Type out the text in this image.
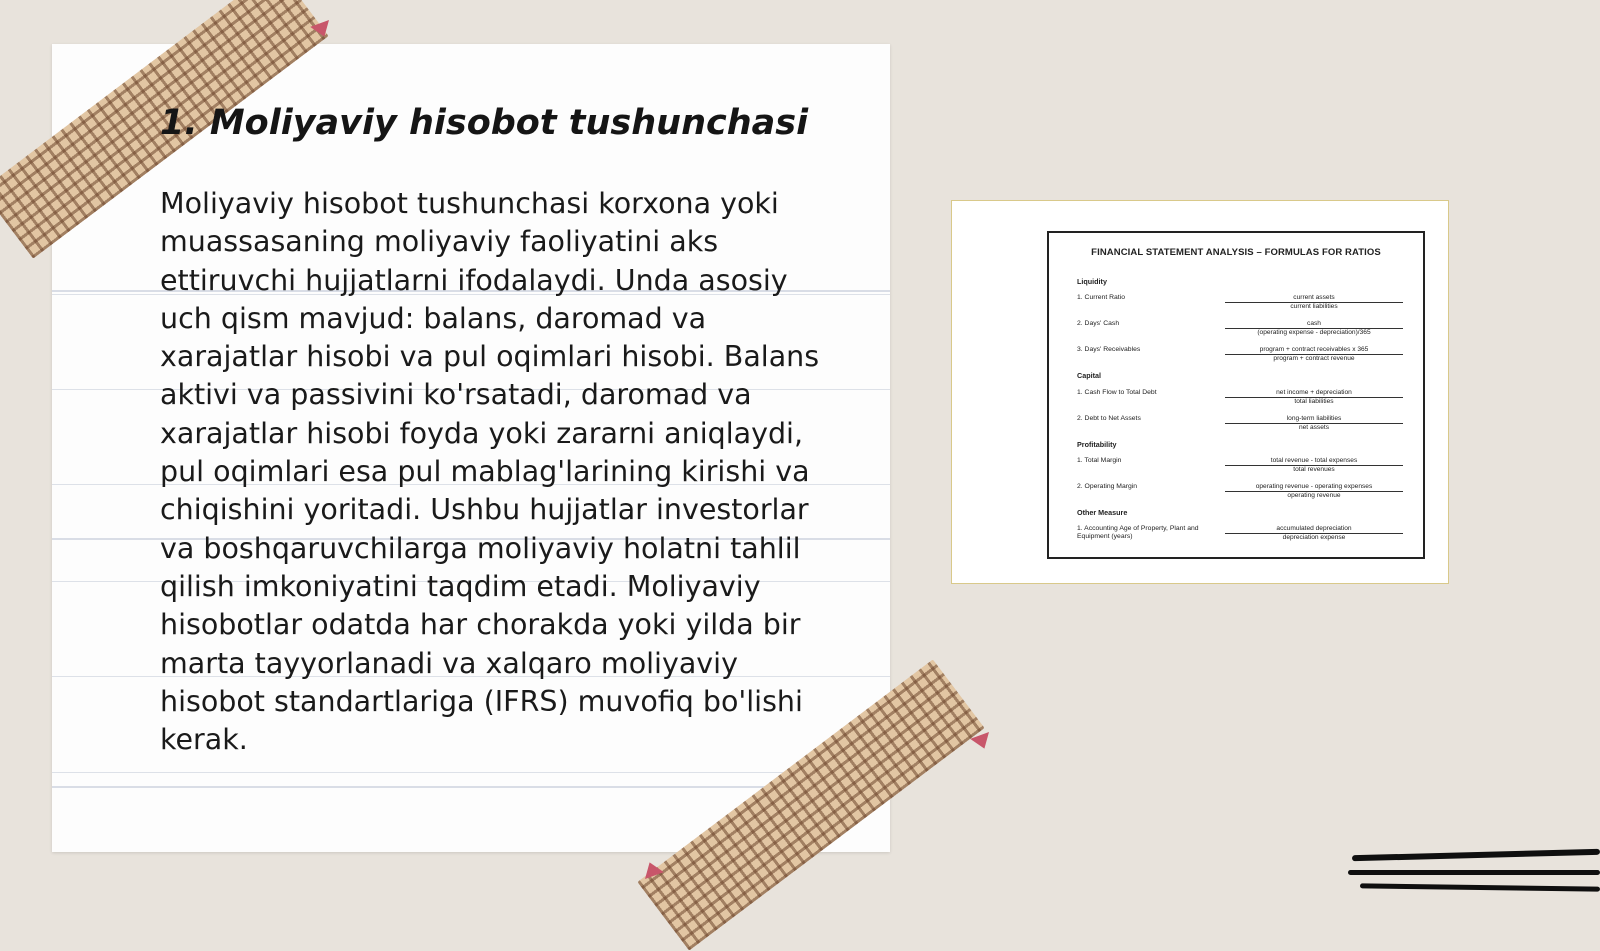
1. Moliyaviy hisobot tushunchasi

Moliyaviy hisobot tushunchasi korxona yoki muassasaning moliyaviy faoliyatini aks ettiruvchi hujjatlarni ifodalaydi. Unda asosiy uch qism mavjud: balans, daromad va xarajatlar hisobi va pul oqimlari hisobi. Balans aktivi va passivini ko'rsatadi, daromad va xarajatlar hisobi foyda yoki zararni aniqlaydi, pul oqimlari esa pul mablag'larining kirishi va chiqishini yoritadi. Ushbu hujjatlar investorlar va boshqaruvchilarga moliyaviy holatni tahlil qilish imkoniyatini taqdim etadi. Moliyaviy hisobotlar odatda har chorakda yoki yilda bir marta tayyorlanadi va xalqaro moliyaviy hisobot standartlariga (IFRS) muvofiq bo'lishi kerak.

FINANCIAL STATEMENT ANALYSIS – FORMULAS FOR RATIOS
Liquidity
1. Current Ratio	current assets
current liabilities
2. Days' Cash	cash
(operating expense - depreciation)/365
3. Days' Receivables	program + contract receivables x 365
program + contract revenue
Capital
1. Cash Flow to Total Debt	net income + depreciation
total liabilities
2. Debt to Net Assets	long-term liabilities
net assets
Profitability
1. Total Margin	total revenue - total expenses
total revenues
2. Operating Margin	operating revenue - operating expenses
operating revenue
Other Measure
1. Accounting Age of Property, Plant and Equipment (years)
accumulated depreciation
depreciation expense
